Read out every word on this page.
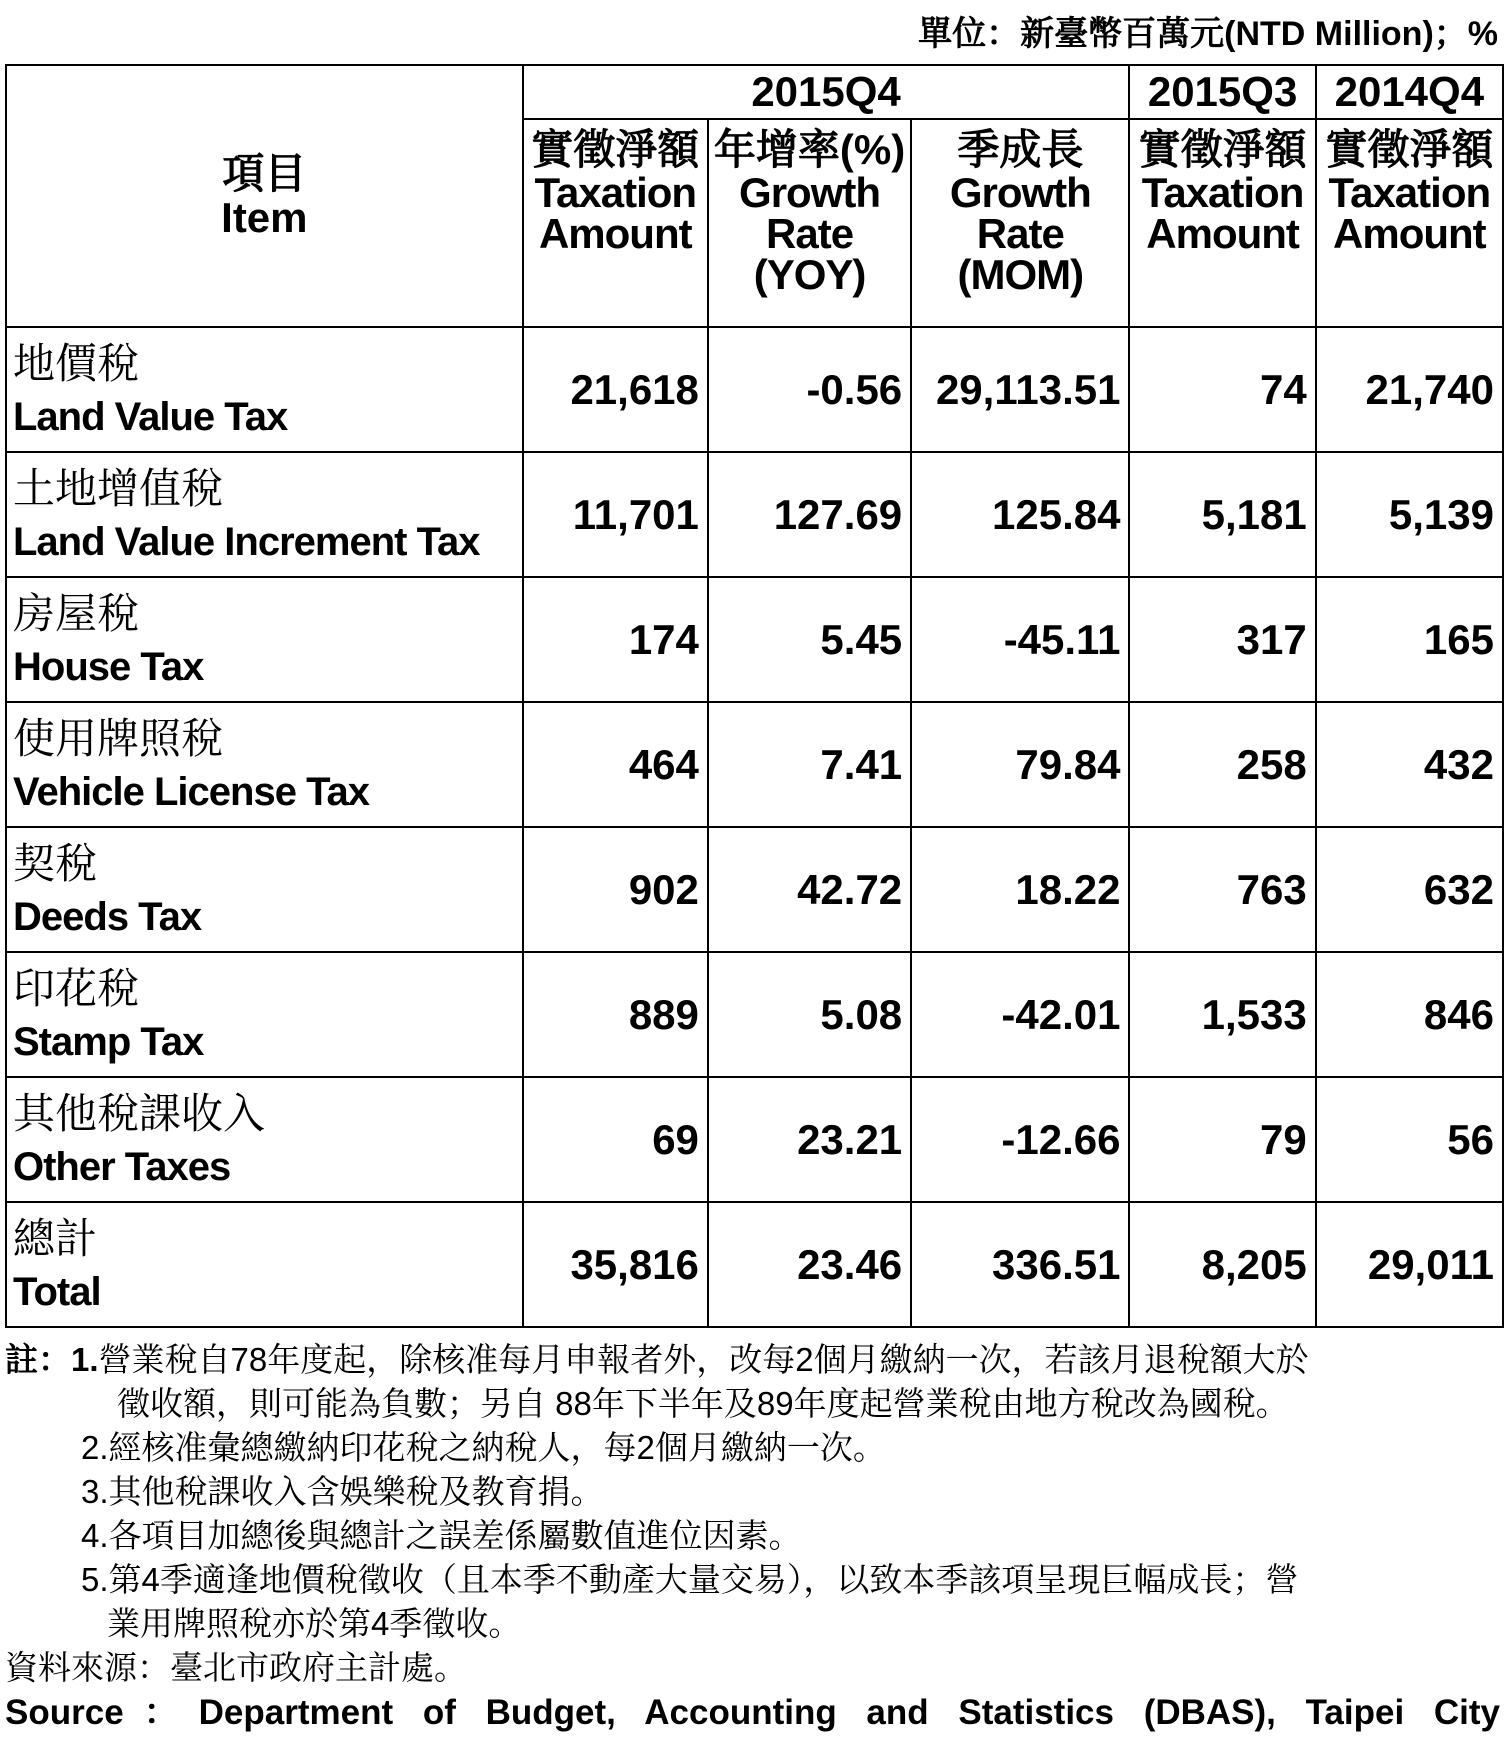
單位：新臺幣百萬元(NTD Million)；%
項目
Item	2015Q4			2015Q3	2014Q4

	實徵淨額
Taxation
Amount	年增率(%)
Growth
Rate
(YOY)	季成長
Growth
Rate
(MOM)	實徵淨額
Taxation
Amount	實徵淨額
Taxation
Amount

地價稅
Land Value Tax	21,618	-0.56	29,113.51	74	21,740

土地增值稅
Land Value Increment Tax	11,701	127.69	125.84	5,181	5,139

房屋稅
House Tax	174	5.45	-45.11	317	165

使用牌照稅
Vehicle License Tax	464	7.41	79.84	258	432

契稅
Deeds Tax	902	42.72	18.22	763	632

印花稅
Stamp Tax	889	5.08	-42.01	1,533	846

其他稅課收入
Other Taxes	69	23.21	-12.66	79	56

總計
Total	35,816	23.46	336.51	8,205	29,011
註：1.營業稅自78年度起，除核准每月申報者外，改每2個月繳納一次，若該月退稅額大於
徵收額，則可能為負數；另自 88年下半年及89年度起營業稅由地方稅改為國稅。
2.經核准彙總繳納印花稅之納稅人，每2個月繳納一次。
3.其他稅課收入含娛樂稅及教育捐。
4.各項目加總後與總計之誤差係屬數值進位因素。
5.第4季適逢地價稅徵收（且本季不動產大量交易），以致本季該項呈現巨幅成長；營
業用牌照稅亦於第4季徵收。
資料來源：臺北市政府主計處。
Source：Department of Budget, Accounting and Statistics (DBAS), Taipei City
